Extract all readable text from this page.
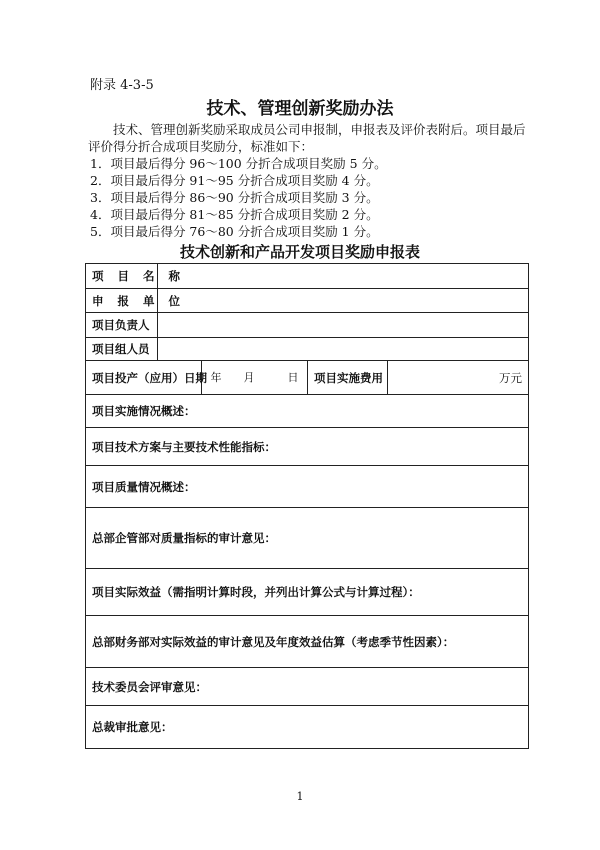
附录 4-3-5
技术、管理创新奖励办法
技术、管理创新奖励采取成员公司申报制，申报表及评价表附后。项目最后评价得分折合成项目奖励分，标准如下：
1．项目最后得分 96～100 分折合成项目奖励 5 分。
2．项目最后得分 91～95 分折合成项目奖励 4 分。
3．项目最后得分 86～90 分折合成项目奖励 3 分。
4．项目最后得分 81～85 分折合成项目奖励 2 分。
5．项目最后得分 76～80 分折合成项目奖励 1 分。
技术创新和产品开发项目奖励申报表
项 目 名 称				
申 报 单 位				
项目负责人				
项目组人员				
项目投产（应用）日期		年　　月　　　日	项目实施费用	万元
项目实施情况概述：				
项目技术方案与主要技术性能指标：				
项目质量情况概述：				
总部企管部对质量指标的审计意见：				
项目实际效益（需指明计算时段，并列出计算公式与计算过程）：				
总部财务部对实际效益的审计意见及年度效益估算（考虑季节性因素）：				
技术委员会评审意见：				
总裁审批意见：				
1
